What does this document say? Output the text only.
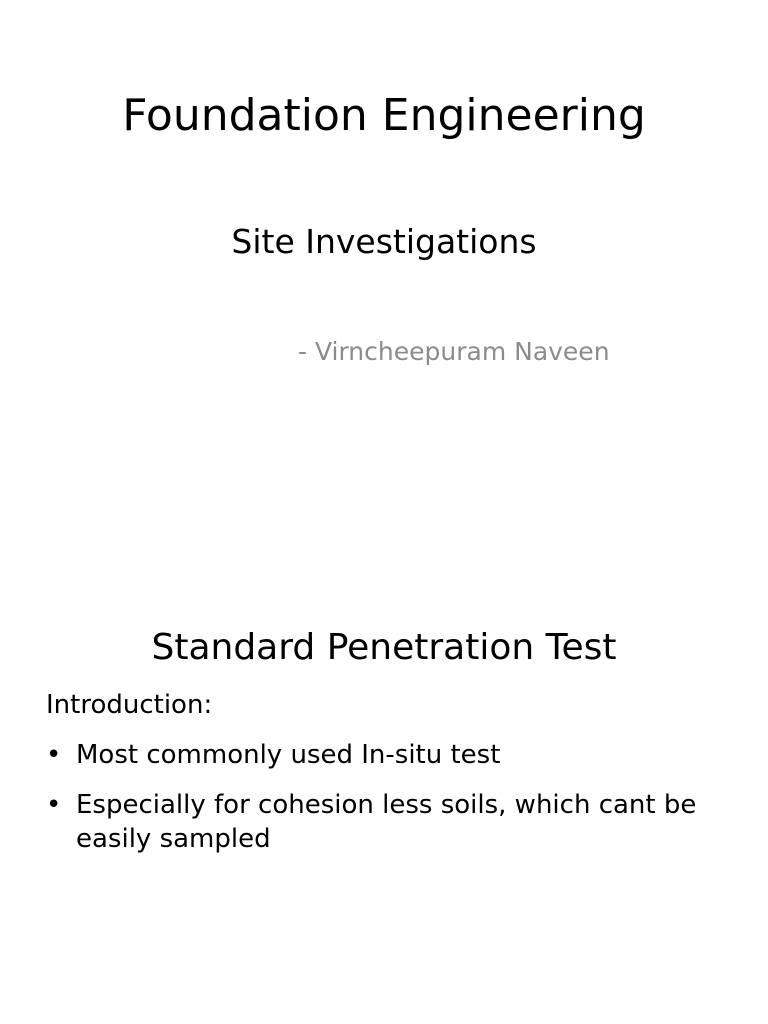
Foundation Engineering
Site Investigations

- Virncheepuram Naveen

Standard Penetration Test

Introduction:

• Most commonly used In-situ test
• Especially for cohesion less soils, which cant be easily sampled
